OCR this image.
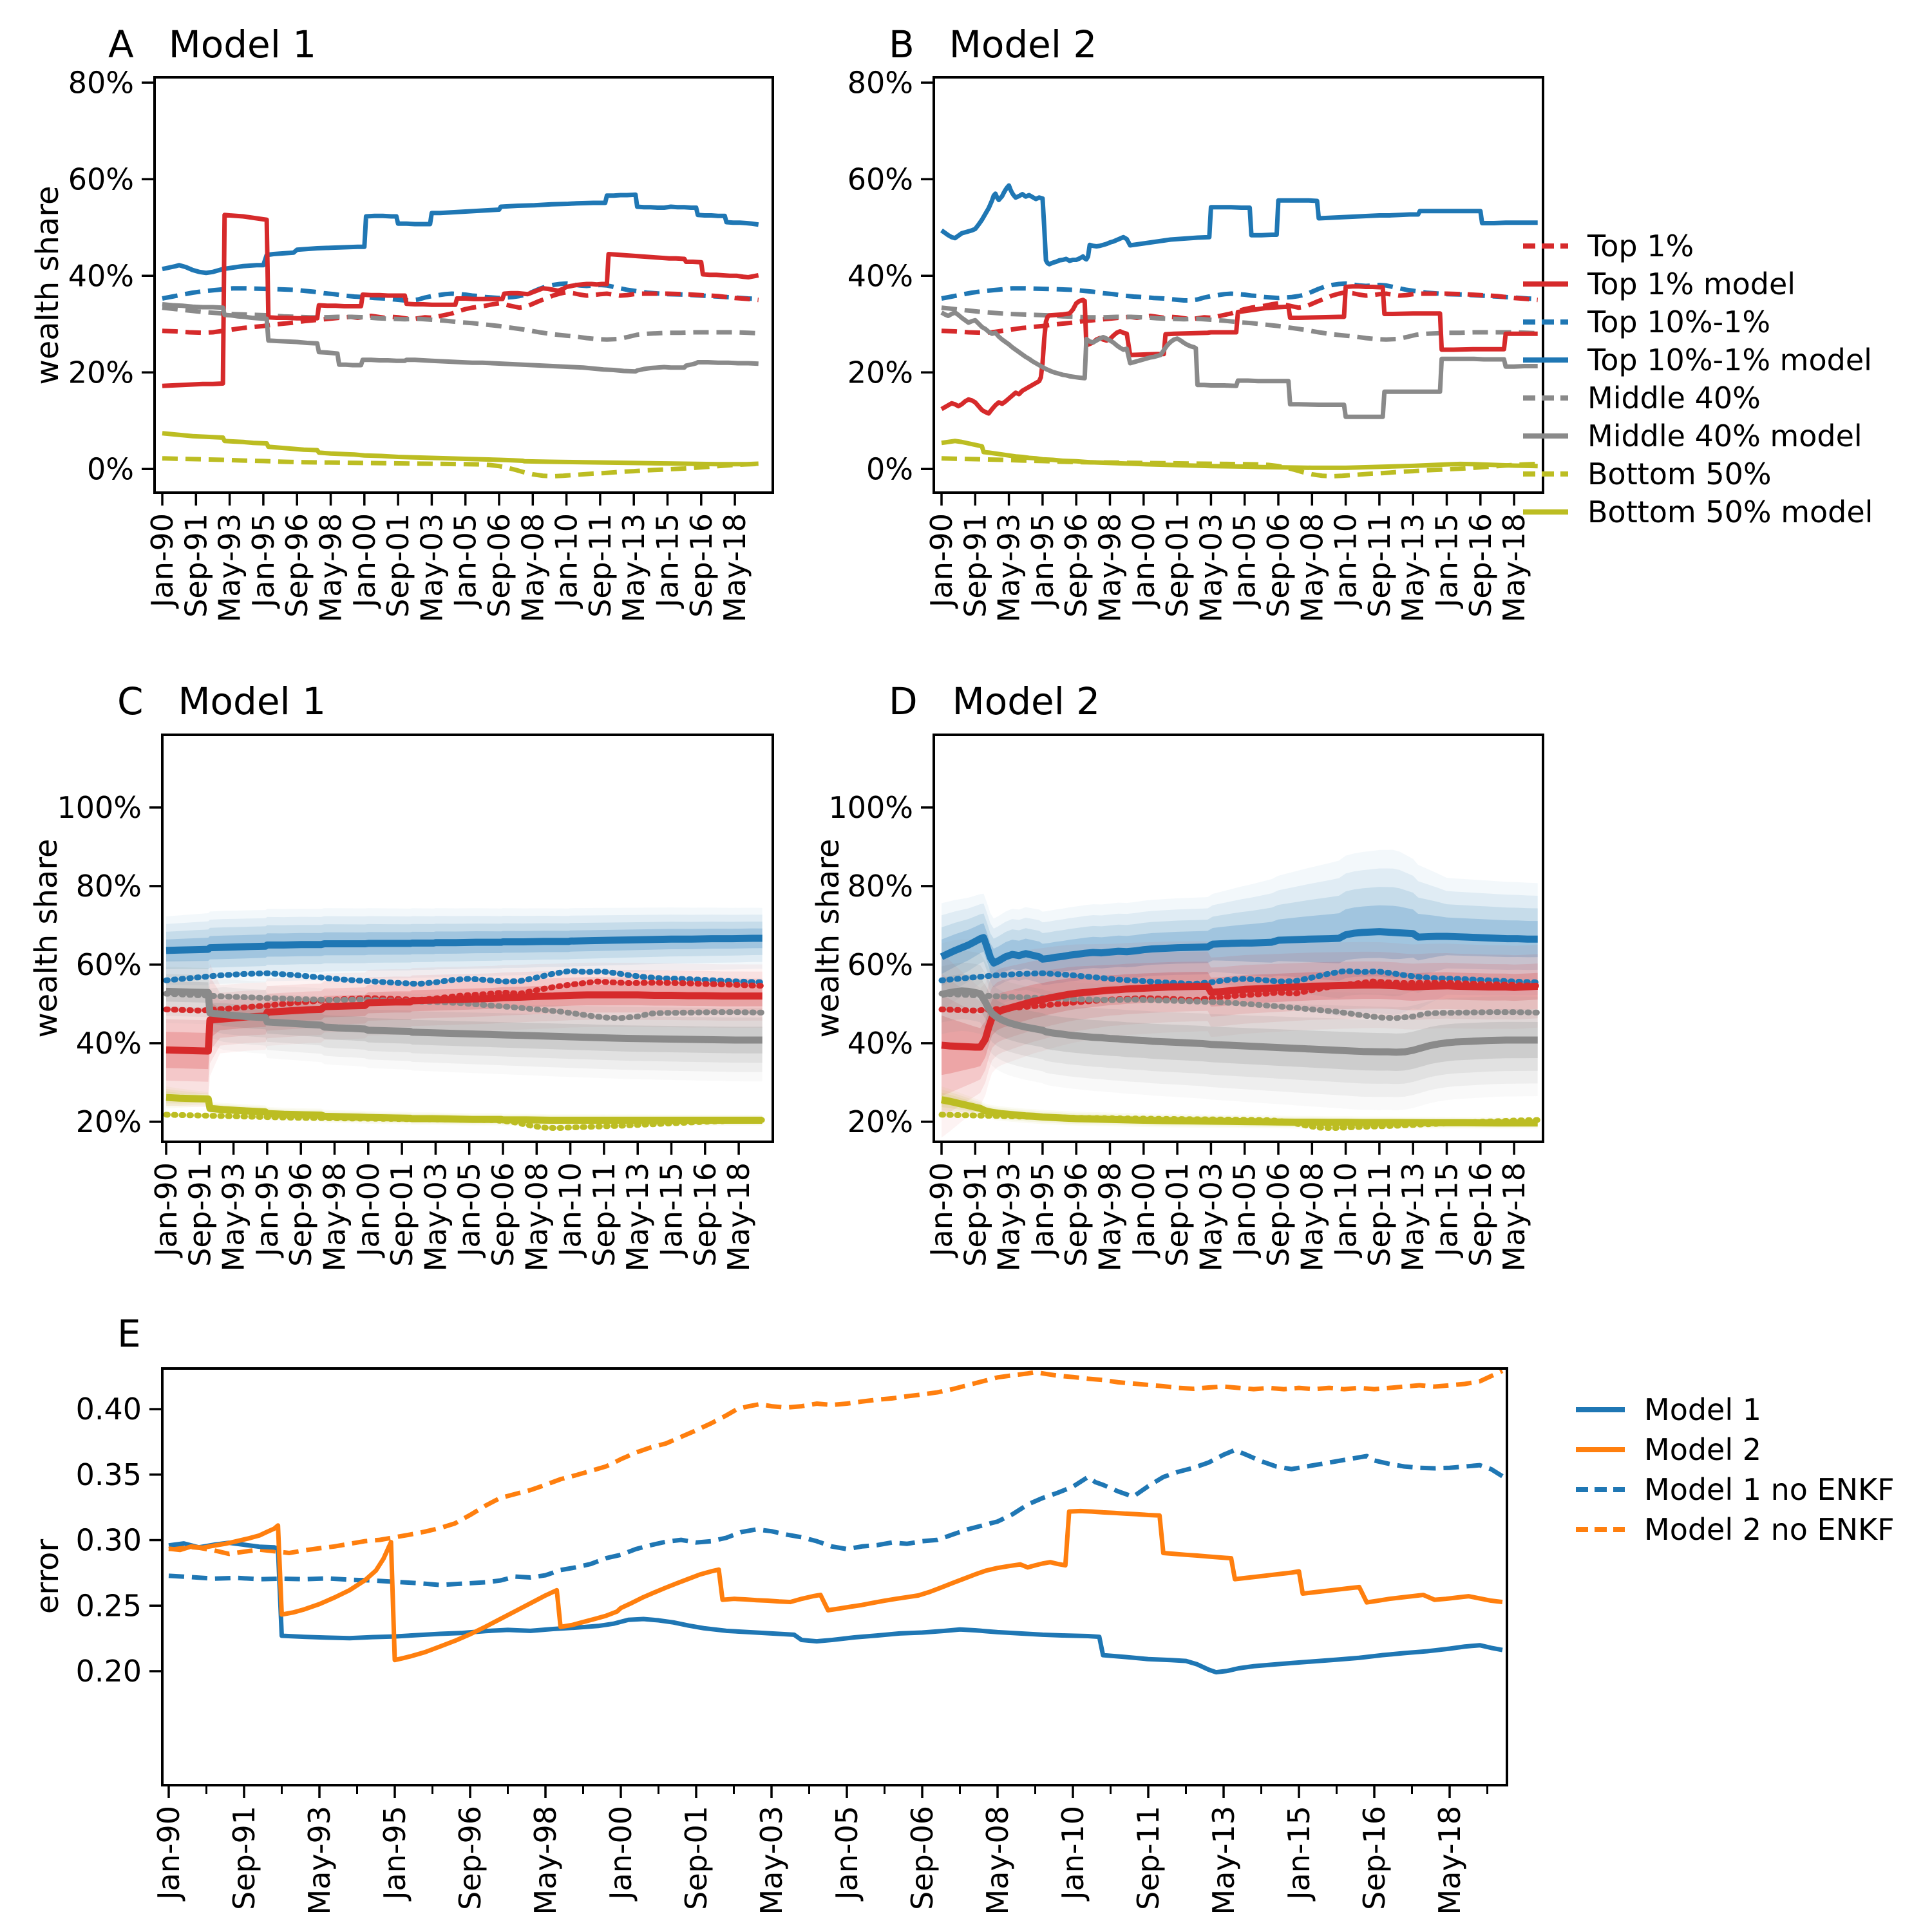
Jan-90
Sep-91
May-93
Jan-95
Sep-96
May-98
Jan-00
Sep-01
May-03
Jan-05
Sep-06
May-08
Jan-10
Sep-11
May-13
Jan-15
Sep-16
May-18
0%
20%
40%
60%
80%
Jan-90
Sep-91
May-93
Jan-95
Sep-96
May-98
Jan-00
Sep-01
May-03
Jan-05
Sep-06
May-08
Jan-10
Sep-11
May-13
Jan-15
Sep-16
May-18
0%
20%
40%
60%
80%
Jan-90
Sep-91
May-93
Jan-95
Sep-96
May-98
Jan-00
Sep-01
May-03
Jan-05
Sep-06
May-08
Jan-10
Sep-11
May-13
Jan-15
Sep-16
May-18
20%
40%
60%
80%
100%
Jan-90
Sep-91
May-93
Jan-95
Sep-96
May-98
Jan-00
Sep-01
May-03
Jan-05
Sep-06
May-08
Jan-10
Sep-11
May-13
Jan-15
Sep-16
May-18
20%
40%
60%
80%
100%
Jan-90 Sep-91 May-93 Jan-95 Sep-96 May-98 Jan-00 Sep-01 May-03 Jan-05 Sep-06 May-08 Jan-10 Sep-11 May-13 Jan-15 Sep-16 May-18
0.20
0.25
0.30
0.35
0.40
A Model 1	B Model 2
C Model 1	D Model 2
E
wealth share
wealth share	wealth share
error
Top 1%
Top 1% model
Top 10%-1%
Top 10%-1% model
Middle 40%
Middle 40% model
Bottom 50%
Bottom 50% model
Model 1
Model 2
Model 1 no ENKF
Model 2 no ENKF
